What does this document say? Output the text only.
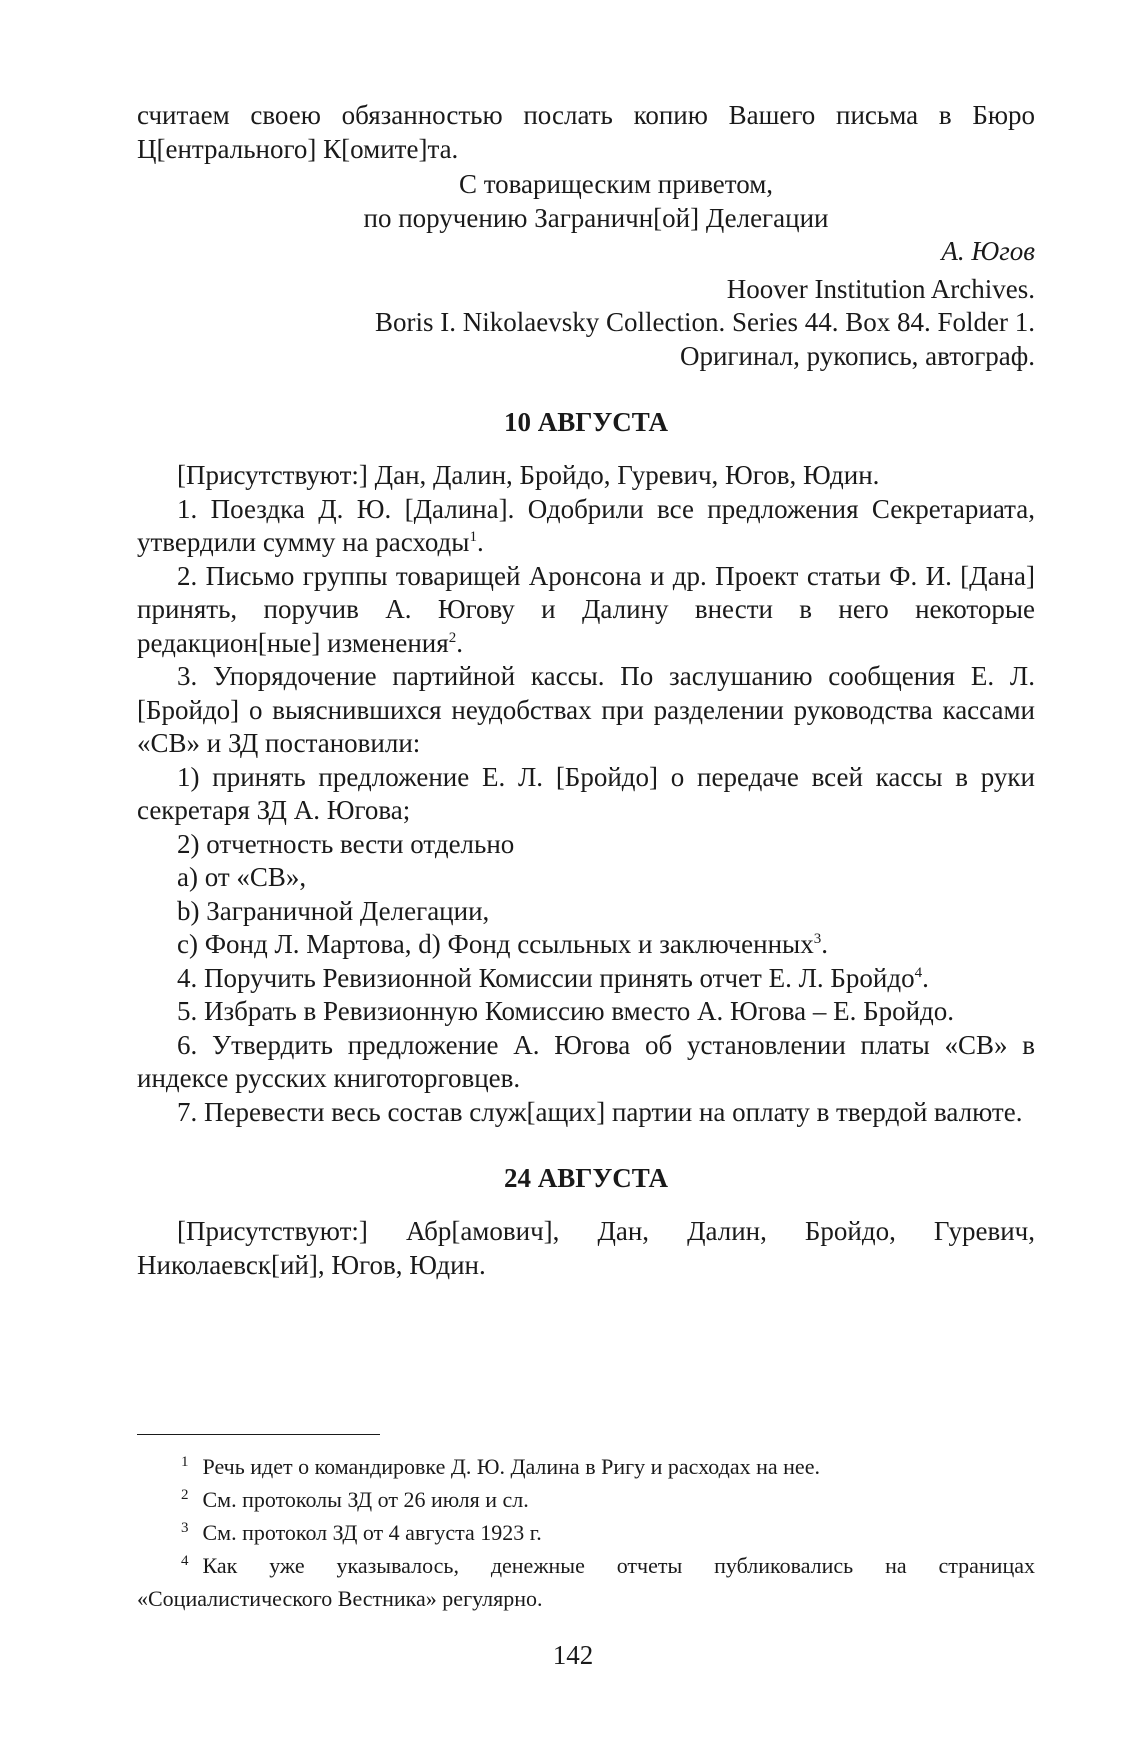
считаем своею обязанностью послать копию Вашего письма в Бюро Ц[ентрального] К[омите]та.

С товарищеским приветом,

по поручению Заграничн[ой] Делегации

А. Югов

Hoover Institution Archives.

Boris I. Nikolaevsky Collection. Series 44. Box 84. Folder 1.

Оригинал, рукопись, автограф.

10 АВГУСТА

[Присутствуют:] Дан, Далин, Бройдо, Гуревич, Югов, Юдин.

1. Поездка Д. Ю. [Далина]. Одобрили все предложения Секретариата, утвердили сумму на расходы$^1$.

2. Письмо группы товарищей Аронсона и др. Проект статьи Ф. И. [Дана] принять, поручив А. Югову и Далину внести в него некоторые редакцион[ные] изменения$^2$.

3. Упорядочение партийной кассы. По заслушанию сообщения Е. Л. [Бройдо] о выяснившихся неудобствах при разделении руководства кассами «СВ» и ЗД постановили:

1) принять предложение Е. Л. [Бройдо] о передаче всей кассы в руки секретаря ЗД А. Югова;

2) отчетность вести отдельно

a) от «СВ»,

b) Заграничной Делегации,

c) Фонд Л. Мартова, d) Фонд ссыльных и заключенных$^3$.

4. Поручить Ревизионной Комиссии принять отчет Е. Л. Бройдо$^4$.

5. Избрать в Ревизионную Комиссию вместо А. Югова – Е. Бройдо.

6. Утвердить предложение А. Югова об установлении платы «СВ» в индексе русских книготорговцев.

7. Перевести весь состав служ[ащих] партии на оплату в твердой валюте.

24 АВГУСТА

[Присутствуют:] Абр[амович], Дан, Далин, Бройдо, Гуревич, Николаевск[ий], Югов, Юдин.

$^1$ Речь идет о командировке Д. Ю. Далина в Ригу и расходах на нее.

$^2$ См. протоколы ЗД от 26 июля и сл.

$^3$ См. протокол ЗД от 4 августа 1923 г.

$^4$ Как уже указывалось, денежные отчеты публиковались на страницах «Социалистического Вестника» регулярно.

142
